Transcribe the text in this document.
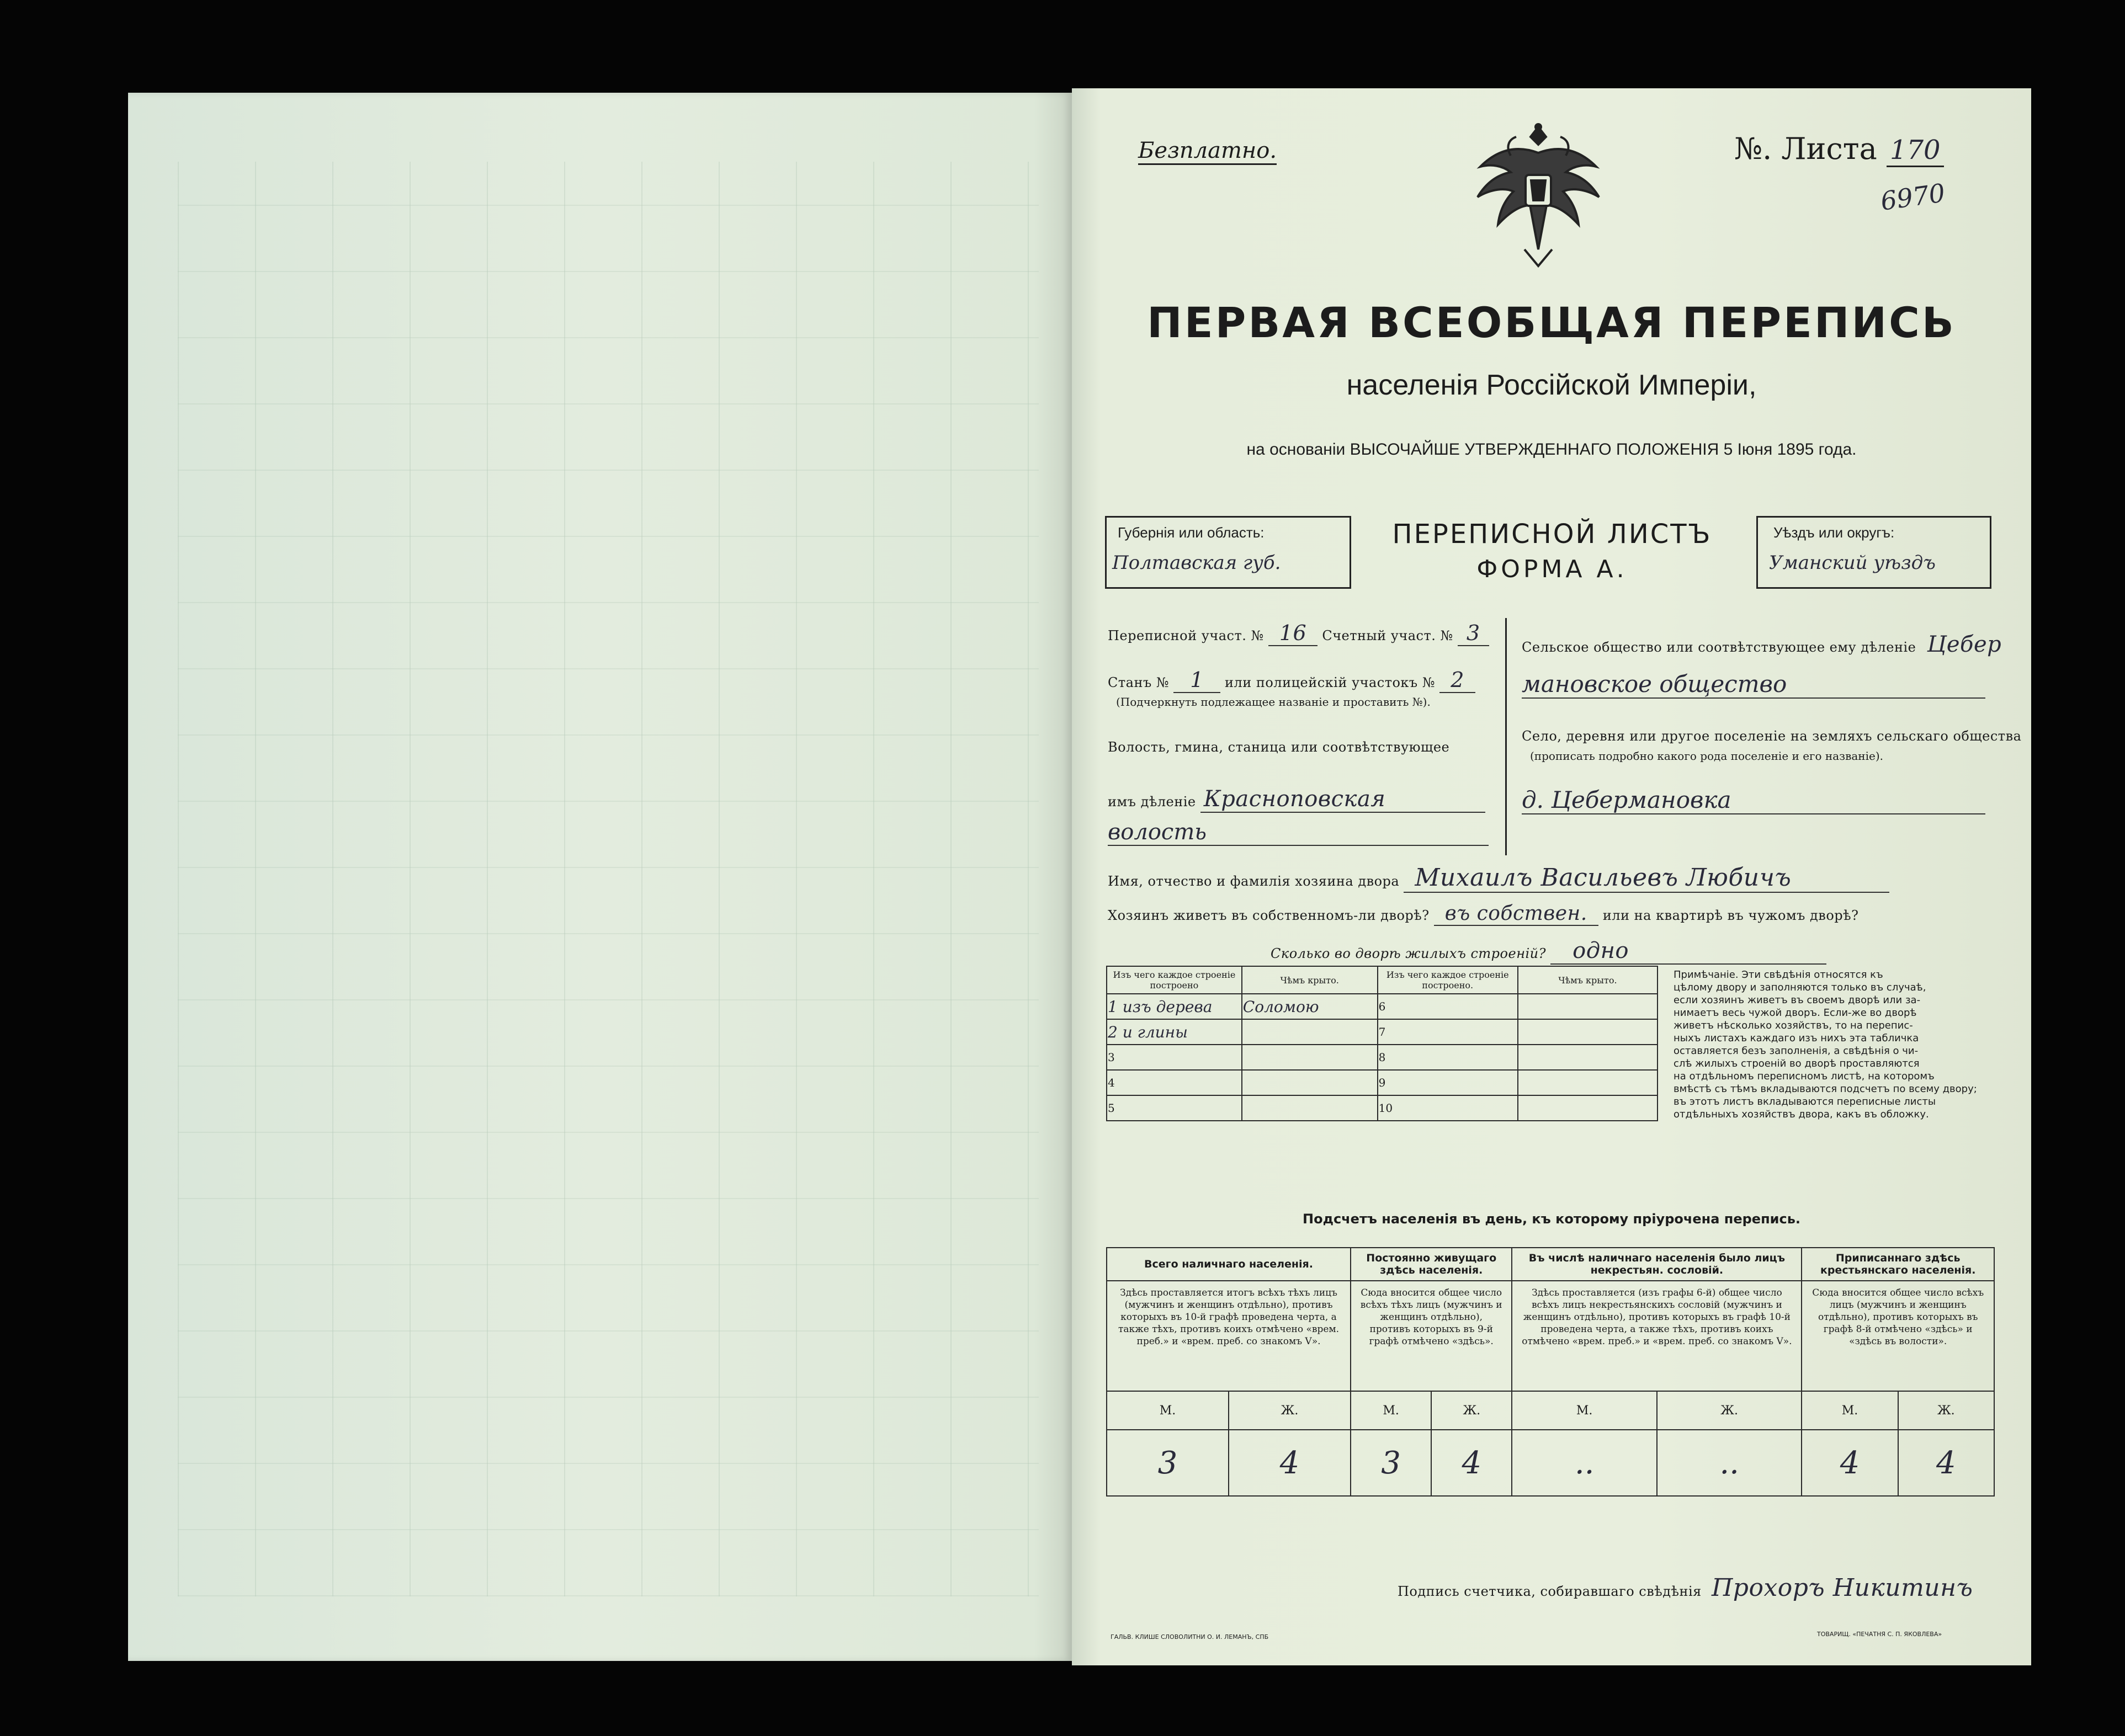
Безплатно.	№. Листа 170
6970
ПЕРВАЯ ВСЕОБЩАЯ ПЕРЕПИСЬ
населенія Россійской Имперіи,
на основаніи ВЫСОЧАЙШЕ УТВЕРЖДЕННАГО ПОЛОЖЕНІЯ 5 Іюня 1895 года.
Губернія или область:
Полтавская губ.
ПЕРЕПИСНОЙ ЛИСТЪ
ФОРМА А.
Уѣздъ или округъ:
Уманский уѣздъ
Переписной участ. № 16 Счетный участ. № 3
Станъ № 1 или полицейскій участокъ № 2
(Подчеркнуть подлежащее названіе и проставить №).
Волость, гмина, станица или соотвѣтствующее
имъ дѣленіе Красноповская
волость
Сельское общество или соотвѣтствующее ему дѣленіе Цебер
мановское общество
Село, деревня или другое поселеніе на земляхъ сельскаго общества
(прописать подробно какого рода поселеніе и его названіе).
д. Цебермановка
Имя, отчество и фамилія хозяина двора Михаилъ Васильевъ Любичъ
Хозяинъ живетъ въ собственномъ-ли дворѣ? въ собствен. или на квартирѣ въ чужомъ дворѣ?
Сколько во дворѣ жилыхъ строеній? одно
Изъ чего каждое строеніе построено	Чѣмъ крыто.	Изъ чего каждое строеніе построено.	Чѣмъ крыто.
1 изъ дерева	Соломою	6	
2 и глины		7	
3		8	
4		9	
5		10	
Примѣчаніе. Эти свѣдѣнія относятся къ
цѣлому двору и заполняются только въ случаѣ,
если хозяинъ живетъ въ своемъ дворѣ или за-
нимаетъ весь чужой дворъ. Если-же во дворѣ
живетъ нѣсколько хозяйствъ, то на перепис-
ныхъ листахъ каждаго изъ нихъ эта табличка
оставляется безъ заполненія, а свѣдѣнія о чи-
слѣ жилыхъ строеній во дворѣ проставляются
на отдѣльномъ переписномъ листѣ, на которомъ
вмѣстѣ съ тѣмъ вкладываются подсчетъ по всему двору;
въ этотъ листъ вкладываются переписные листы
отдѣльныхъ хозяйствъ двора, какъ въ обложку.
Подсчетъ населенія въ день, къ которому пріурочена перепись.
Всего наличнаго населенія.		Постоянно живущаго здѣсь населенія.		Въ числѣ наличнаго населенія было лицъ некрестьян. сословій.		Приписаннаго здѣсь крестьянскаго населенія.	
Здѣсь проставляется итогъ всѣхъ тѣхъ лицъ (мужчинъ и женщинъ отдѣльно), противъ которыхъ въ 10-й графѣ проведена черта, а также тѣхъ, противъ коихъ отмѣчено «врем. преб.» и «врем. преб. со знакомъ V».		Сюда вносится общее число всѣхъ тѣхъ лицъ (мужчинъ и женщинъ отдѣльно), противъ которыхъ въ 9-й графѣ отмѣчено «здѣсь».		Здѣсь проставляется (изъ графы 6-й) общее число всѣхъ лицъ некрестьянскихъ сословій (мужчинъ и женщинъ отдѣльно), противъ которыхъ въ графѣ 10-й проведена черта, а также тѣхъ, противъ коихъ отмѣчено «врем. преб.» и «врем. преб. со знакомъ V».		Сюда вносится общее число всѣхъ лицъ (мужчинъ и женщинъ отдѣльно), противъ которыхъ въ графѣ 8-й отмѣчено «здѣсь» и «здѣсь въ волости».	
М.	Ж.	М.	Ж.	М.	Ж.	М.	Ж.
3	4	3	4	..	..	4	4
Подпись счетчика, собиравшаго свѣдѣнія Прохоръ Никитинъ
ГАЛЬВ. КЛИШЕ СЛОВОЛИТНИ О. И. ЛЕМАНЪ, СПБ	ТОВАРИЩ. «ПЕЧАТНЯ С. П. ЯКОВЛЕВА»
